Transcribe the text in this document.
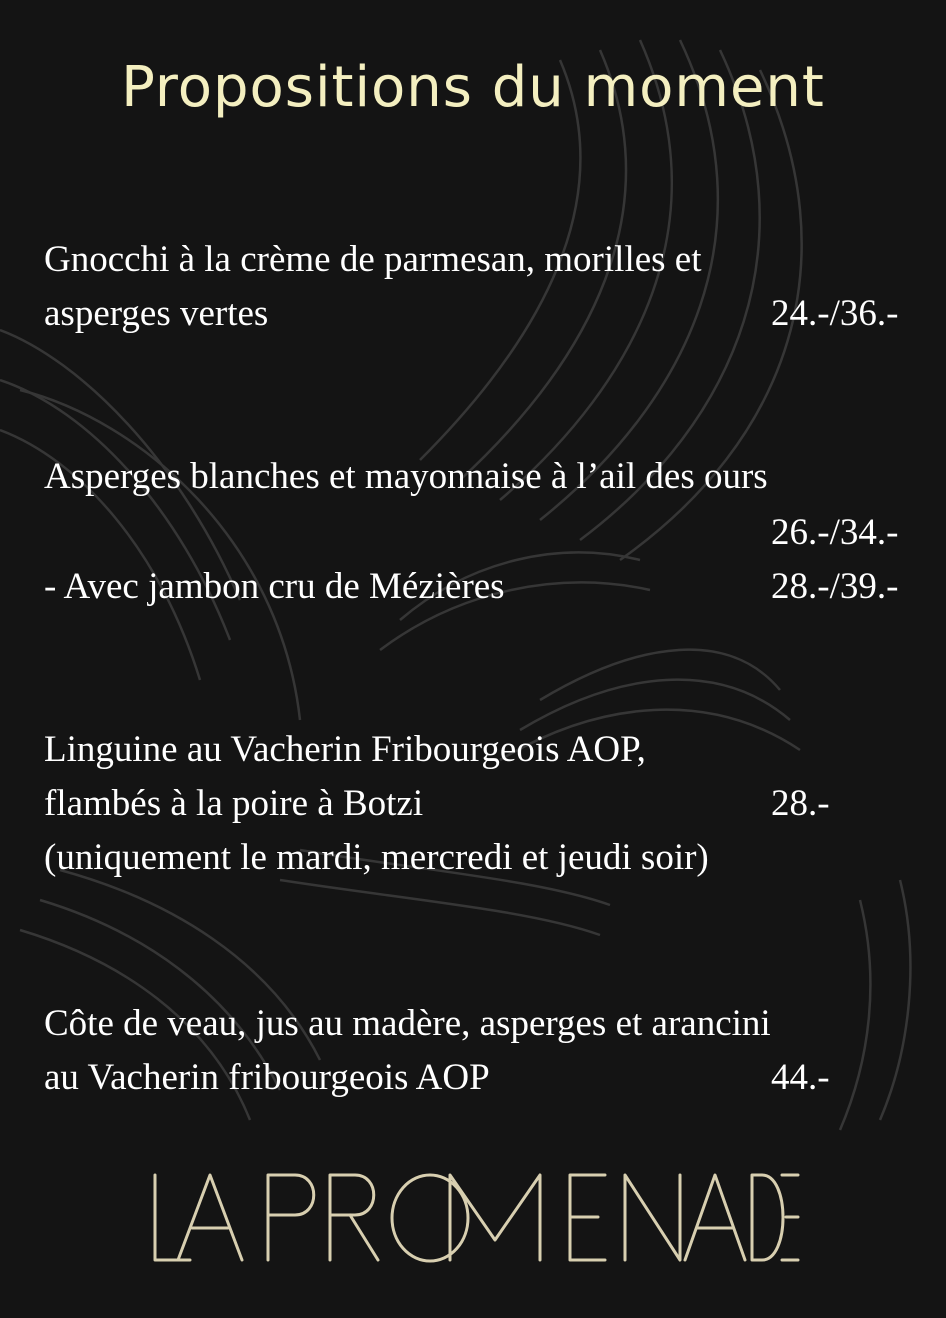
Propositions du moment
Gnocchi à la crème de parmesan, morilles et
asperges vertes	24.-/36.-
Asperges blanches et mayonnaise à l’ail des ours
26.-/34.-
- Avec jambon cru de Mézières	28.-/39.-
Linguine au Vacherin Fribourgeois AOP,
flambés à la poire à Botzi	28.-
(uniquement le mardi, mercredi et jeudi soir)
Côte de veau, jus au madère, asperges et arancini
au Vacherin fribourgeois AOP	44.-
